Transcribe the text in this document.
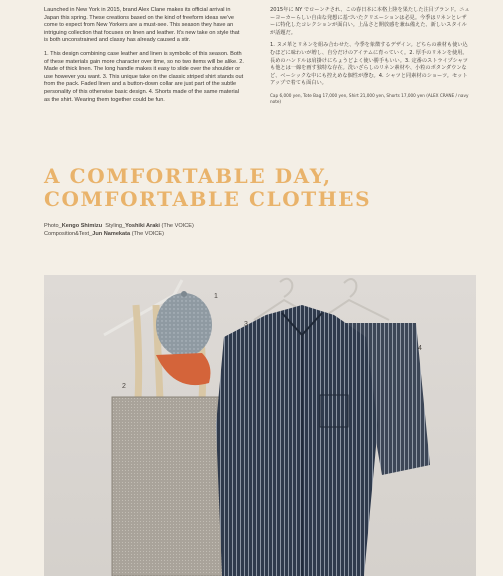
Launched in New York in 2015, brand Alex Clane makes its official arrival in Japan this spring. These creations based on the kind of freeform ideas we've come to expect from New Yorkers are a must-see. This season they have an intriguing collection that focuses on linen and leather. It's new take on style that is both unconstrained and classy has already caused a stir.

1. This design combining case leather and linen is symbolic of this season. Both of these materials gain more character over time, so no two items will be alike. 2. Made of thick linen. The long handle makes it easy to slide over the shoulder or use however you want. 3. This unique take on the classic striped shirt stands out from the pack. Faded linen and a button-down collar are just part of the subtle personality of this otherwise basic design. 4. Shorts made of the same material as the shirt. Wearing them together could be fun.

2015年に NY でローンチされ、この春日本に本格上陸を果たした注目ブランド。ニューヨーカーらしい自由な発想に基づいたクリエーションは必見。今季はリネンとレザーに特化したコレクションが面白い。上品さと開放感を兼ね備えた、新しいスタイルが話題だ。

1. ヌメ革とリネンを組み合わせた、今季を象徴するデザイン。どちらの素材も使い込むほどに味わいが増し、自分だけのアイテムに育っていく。2. 厚手のリネンを使用。長めのハンドルは肩掛けにちょうどよく使い勝手もいい。3. 定番のストライプシャツも他とは一線を画す独特な存在。洗いざらしのリネン素材や、小粒のボタンダウンなど、ベーシックな中にも控えめな個性が滲む。4. シャツと同素材のショーツ。セットアップで着ても面白い。

Cap 6,000 yen, Tote Bag 17,000 yen, Shirt 21,000 yen, Shorts 17,000 yen (ALEX CRANE / navy note)
A COMFORTABLE DAY,
COMFORTABLE CLOTHES
Photo_Kengo Shimizu Styling_Yoshiki Araki (The VOICE)
Composition&Text_Jun Namekata (The VOICE)
1
2
3
4
